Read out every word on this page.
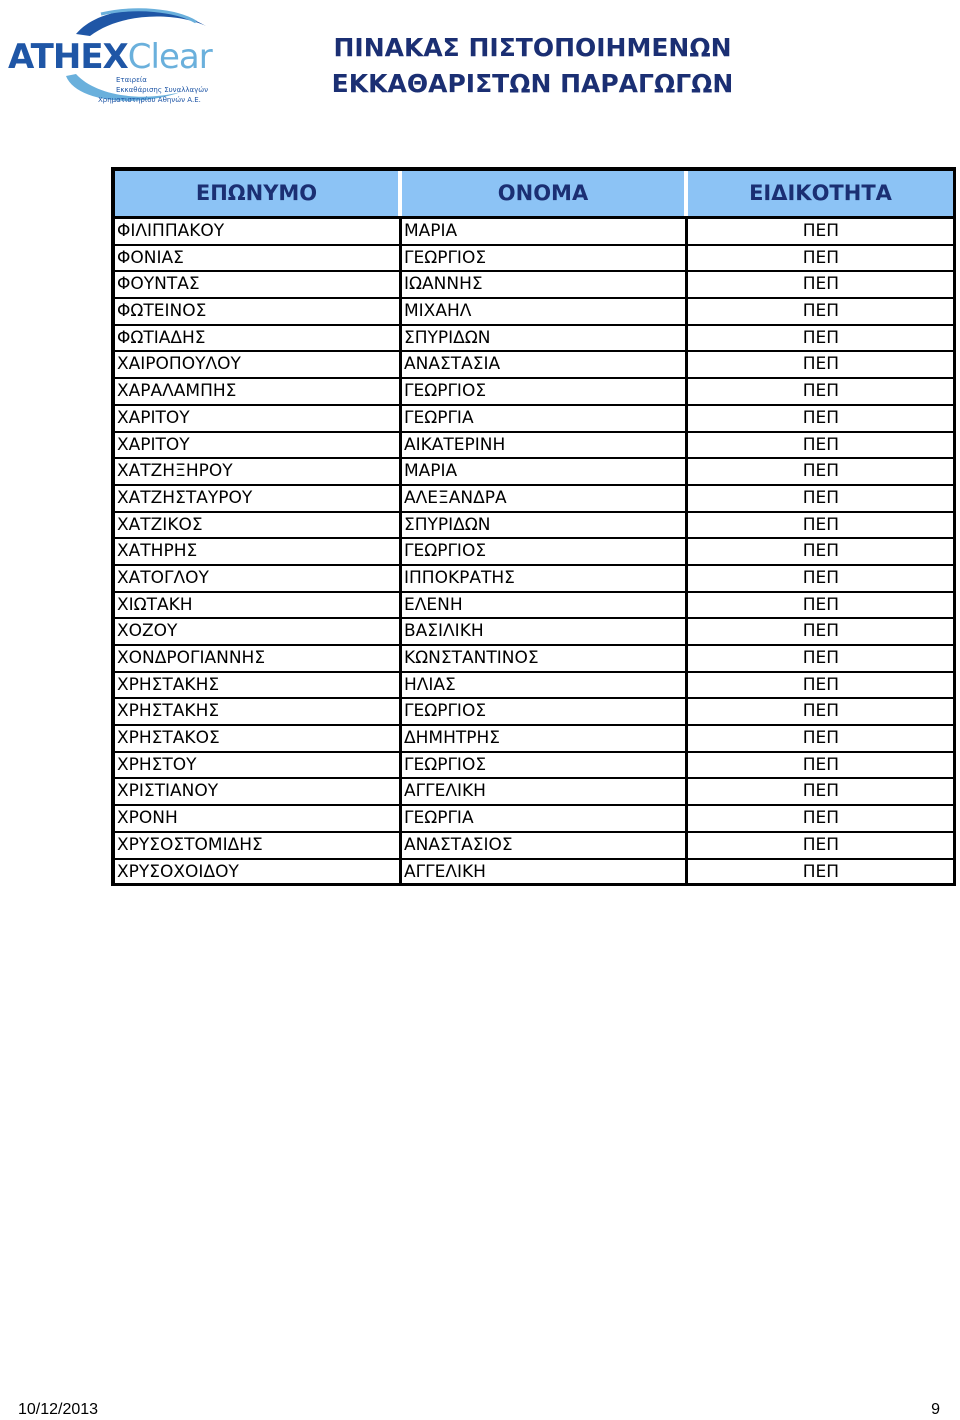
ATHEXClear
Εταιρεία
Εκκαθάρισης Συναλλαγών
Χρηματιστηρίου Αθηνών Α.Ε.
ΠΙΝΑΚΑΣ ΠΙΣΤΟΠΟΙΗΜΕΝΩΝ
ΕΚΚΑΘΑΡΙΣΤΩΝ ΠΑΡΑΓΩΓΩΝ
ΕΠΩΝΥΜΟ	ΟΝΟΜΑ	ΕΙΔΙΚΟΤΗΤΑ
ΦΙΛΙΠΠΑΚΟΥ	ΜΑΡΙΑ	ΠΕΠ
ΦΟΝΙΑΣ	ΓΕΩΡΓΙΟΣ	ΠΕΠ
ΦΟΥΝΤΑΣ	ΙΩΑΝΝΗΣ	ΠΕΠ
ΦΩΤΕΙΝΟΣ	ΜΙΧΑΗΛ	ΠΕΠ
ΦΩΤΙΑΔΗΣ	ΣΠΥΡΙΔΩΝ	ΠΕΠ
ΧΑΙΡΟΠΟΥΛΟΥ	ΑΝΑΣΤΑΣΙΑ	ΠΕΠ
ΧΑΡΑΛΑΜΠΗΣ	ΓΕΩΡΓΙΟΣ	ΠΕΠ
ΧΑΡΙΤΟΥ	ΓΕΩΡΓΙΑ	ΠΕΠ
ΧΑΡΙΤΟΥ	ΑΙΚΑΤΕΡΙΝΗ	ΠΕΠ
ΧΑΤΖΗΞΗΡΟΥ	ΜΑΡΙΑ	ΠΕΠ
ΧΑΤΖΗΣΤΑΥΡΟΥ	ΑΛΕΞΑΝΔΡΑ	ΠΕΠ
ΧΑΤΖΙΚΟΣ	ΣΠΥΡΙΔΩΝ	ΠΕΠ
ΧΑΤΗΡΗΣ	ΓΕΩΡΓΙΟΣ	ΠΕΠ
ΧΑΤΟΓΛΟΥ	ΙΠΠΟΚΡΑΤΗΣ	ΠΕΠ
ΧΙΩΤΑΚΗ	ΕΛΕΝΗ	ΠΕΠ
ΧΟΖΟΥ	ΒΑΣΙΛΙΚΗ	ΠΕΠ
ΧΟΝΔΡΟΓΙΑΝΝΗΣ	ΚΩΝΣΤΑΝΤΙΝΟΣ	ΠΕΠ
ΧΡΗΣΤΑΚΗΣ	ΗΛΙΑΣ	ΠΕΠ
ΧΡΗΣΤΑΚΗΣ	ΓΕΩΡΓΙΟΣ	ΠΕΠ
ΧΡΗΣΤΑΚΟΣ	ΔΗΜΗΤΡΗΣ	ΠΕΠ
ΧΡΗΣΤΟΥ	ΓΕΩΡΓΙΟΣ	ΠΕΠ
ΧΡΙΣΤΙΑΝΟΥ	ΑΓΓΕΛΙΚΗ	ΠΕΠ
ΧΡΟΝΗ	ΓΕΩΡΓΙΑ	ΠΕΠ
ΧΡΥΣΟΣΤΟΜΙΔΗΣ	ΑΝΑΣΤΑΣΙΟΣ	ΠΕΠ
ΧΡΥΣΟΧΟΙΔΟΥ	ΑΓΓΕΛΙΚΗ	ΠΕΠ
10/12/2013	9
